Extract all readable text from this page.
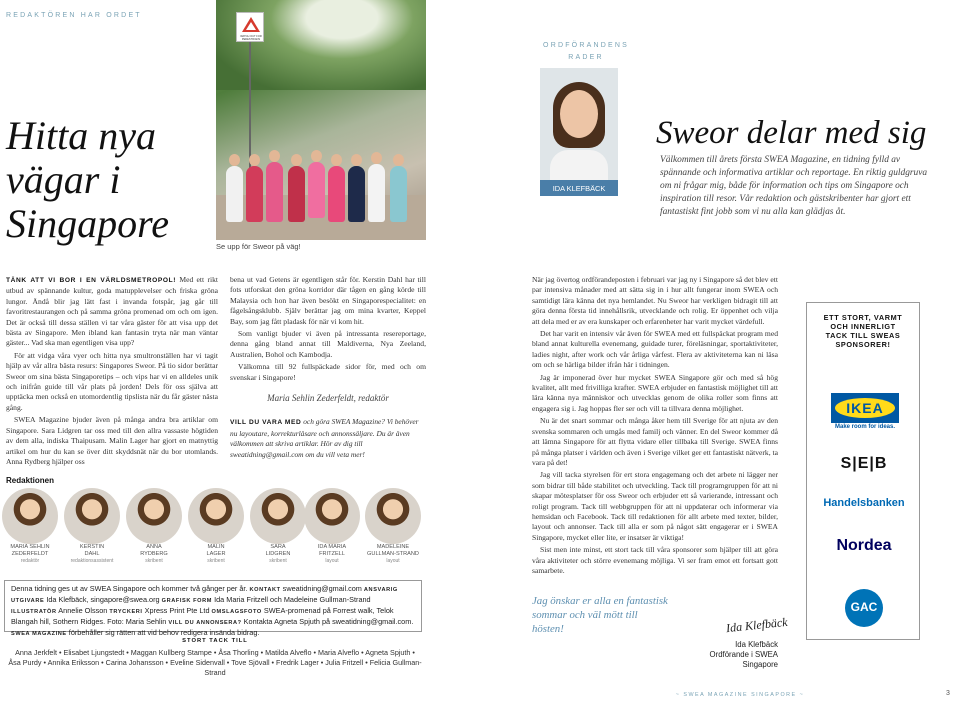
REDAKTÖREN HAR ORDET
Hitta nya
vägar i
Singapore
WATCH OUT FOR PEDESTRIANS
Se upp för Sweor på väg!

TÄNK ATT VI BOR I EN VÄRLDSMETROPOL! Med ett rikt utbud av spännande kultur, goda matupplevelser och friska gröna lungor. Ändå blir jag lätt fast i invanda fotspår, jag går till favoritrestaurangen och på samma gröna promenad om och om igen. Det är också till dessa ställen vi tar våra gäster för att visa upp det bästa av Singapore. Men ibland kan fantasin tryta när man väntar gäster... Vad ska man egentligen visa upp?

För att vidga våra vyer och hitta nya smultronställen har vi tagit hjälp av vår allra bästa resurs: Singapores Sweor. På tio sidor berättar Sweor om sina bästa Singaporetips – och vips har vi en alldeles unik och inifrån guide till vår plats på jorden! Dels för oss själva att upptäcka men också en utomordentlig tipslista när du får gäster nästa gång.

SWEA Magazine bjuder även på många andra bra artiklar om Singapore. Sara Lidgren tar oss med till den allra vassaste högtiden av dem alla, indiska Thaipusam. Malin Lager har gjort en matnyttig artikel om hur du kan se över ditt skyddsnät när du bor utomlands. Anna Rydberg hjälper oss

bena ut vad Getens är egentligen står för. Kerstin Dahl har till fots utforskat den gröna korridor där tågen en gång körde till Malaysia och hon har även besökt en Singaporespecialitet: en fågelsångsklubb. Själv berättar jag om mina kvarter, Keppel Bay, som jag fått pladask för när vi kom hit.

Som vanligt bjuder vi även på intressanta resereportage, denna gång bland annat till Maldiverna, Nya Zeeland, Australien, Bohol och Kambodja.

Välkomna till 92 fullspäckade sidor för, med och om svenskar i Singapore!

Maria Sehlin Zederfeldt, redaktör

VILL DU VARA MED och göra SWEA Magazine? Vi behöver nu layoutare, korrekturläsare och annonssäljare. Du är även välkommen att skriva artiklar. Hör av dig till sweatidning@gmail.com om du vill veta mer!

Redaktionen
MARIA SEHLIN
ZEDERFELDT
redaktör
KERSTIN
DAHL
redaktionsassistent
ANNA
RYDBERG
skribent
MALIN
LAGER
skribent
SARA
LIDGREN
skribent
IDA MARIA
FRITZELL
layout
MADELEINE
GULLMAN-STRAND
layout
Denna tidning ges ut av SWEA Singapore och kommer två gånger per år. KONTAKT sweatidning@gmail.com ANSVARIG UTGIVARE Ida Klefbäck, singapore@swea.org GRAFISK FORM Ida Maria Fritzell och Madeleine Gullman-Strand ILLUSTRATÖR Annelie Olsson TRYCKERI Xpress Print Pte Ltd OMSLAGSFOTO SWEA-promenad på Forrest walk, Telok Blangah hill, Sothern Ridges. Foto: Maria Sehlin VILL DU ANNONSERA? Kontakta Agneta Spjuth på sweatidning@gmail.com. SWEA MAGAZINE förbehåller sig rätten att vid behov redigera insända bidrag.
STORT TACK TILL
Anna Jerkfelt • Elisabet Ljungstedt • Maggan Kullberg Stampe • Åsa Thorling • Matilda Alveflo • Maria Alveflo • Agneta Spjuth •
Åsa Purdy • Annika Eriksson • Carina Johansson • Eveline Sidenvall • Tove Sjövall • Fredrik Lager • Julia Fritzell • Felicia Gullman-Strand
ORDFÖRANDENS
RADER
IDA KLEFBÄCK
IDA KLEFBÄCK
Sweor delar med sig
Välkommen till årets första SWEA Magazine, en tidning fylld av spännande och informativa artiklar och reportage. En riktig guldgruva om ni frågar mig, både för information och tips om Singapore och inspiration till resor. Vår redaktion och gästskribenter har gjort ett fantastiskt fint jobb som vi nu alla kan glädjas åt.

När jag övertog ordförandeposten i februari var jag ny i Singapore så det blev ett par intensiva månader med att sätta sig in i hur allt fungerar inom SWEA och samtidigt lära känna det nya hemlandet. Nu Sweor har verkligen bidragit till att göra denna första tid innehållsrik, utvecklande och rolig. Er öppenhet och vilja att dela med er av era kunskaper och erfarenheter har varit mycket värdefull.

Det har varit en intensiv vår även för SWEA med ett fullspäckat program med bland annat kulturella evenemang, guidade turer, föreläsningar, sportaktiviteter, ladies night, after work och vår årliga vårfest. Flera av aktiviteterna kan ni läsa om och se härliga bilder ifrån här i tidningen.

Jag är imponerad över hur mycket SWEA Singapore gör och med så hög kvalitet, allt med frivilliga krafter. SWEA erbjuder en fantastisk möjlighet till att lära känna nya människor och utvecklas genom de olika roller som finns att engagera sig i. Jag hoppas fler ser och vill ta tillvara denna möjlighet.

Nu är det snart sommar och många åker hem till Sverige för att njuta av den svenska sommaren och umgås med familj och vänner. En del Sweor kommer då att lämna Singapore för att flytta vidare eller tillbaka till Sverige. SWEA finns på många platser i världen och även i Sverige vilket ger ett fantastiskt nätverk, ta vara på det!

Jag vill tacka styrelsen för ert stora engagemang och det arbete ni lägger ner som bidrar till både stabilitet och utveckling. Tack till programgruppen för att ni skapar mötesplatser för oss Sweor och erbjuder ett så varierande, intressant och roligt program. Tack till webbgruppen för att ni uppdaterar och informerar via hemsidan och Facebook. Tack till redaktionen för allt arbete med texter, bilder, layout och annonser. Tack till alla er som på något sätt engagerar er i SWEA Singapore, mycket eller lite, er insatser är viktiga!

Sist men inte minst, ett stort tack till våra sponsorer som hjälper till att göra våra aktiviteter och större evenemang möjliga. Vi ser fram emot ett fortsatt gott samarbete.

Jag önskar er alla en fantastisk sommar och väl mött till hösten!	Ida Klefbäck
Ida Klefbäck
Ordförande i SWEA Singapore
ETT STORT, VARMT
OCH INNERLIGT
TACK TILL SWEAS
SPONSORER!
IKEA
Make room for ideas.
S|E|B
Handelsbanken
Nordea
GAC
~ SWEA MAGAZINE SINGAPORE ~	3
